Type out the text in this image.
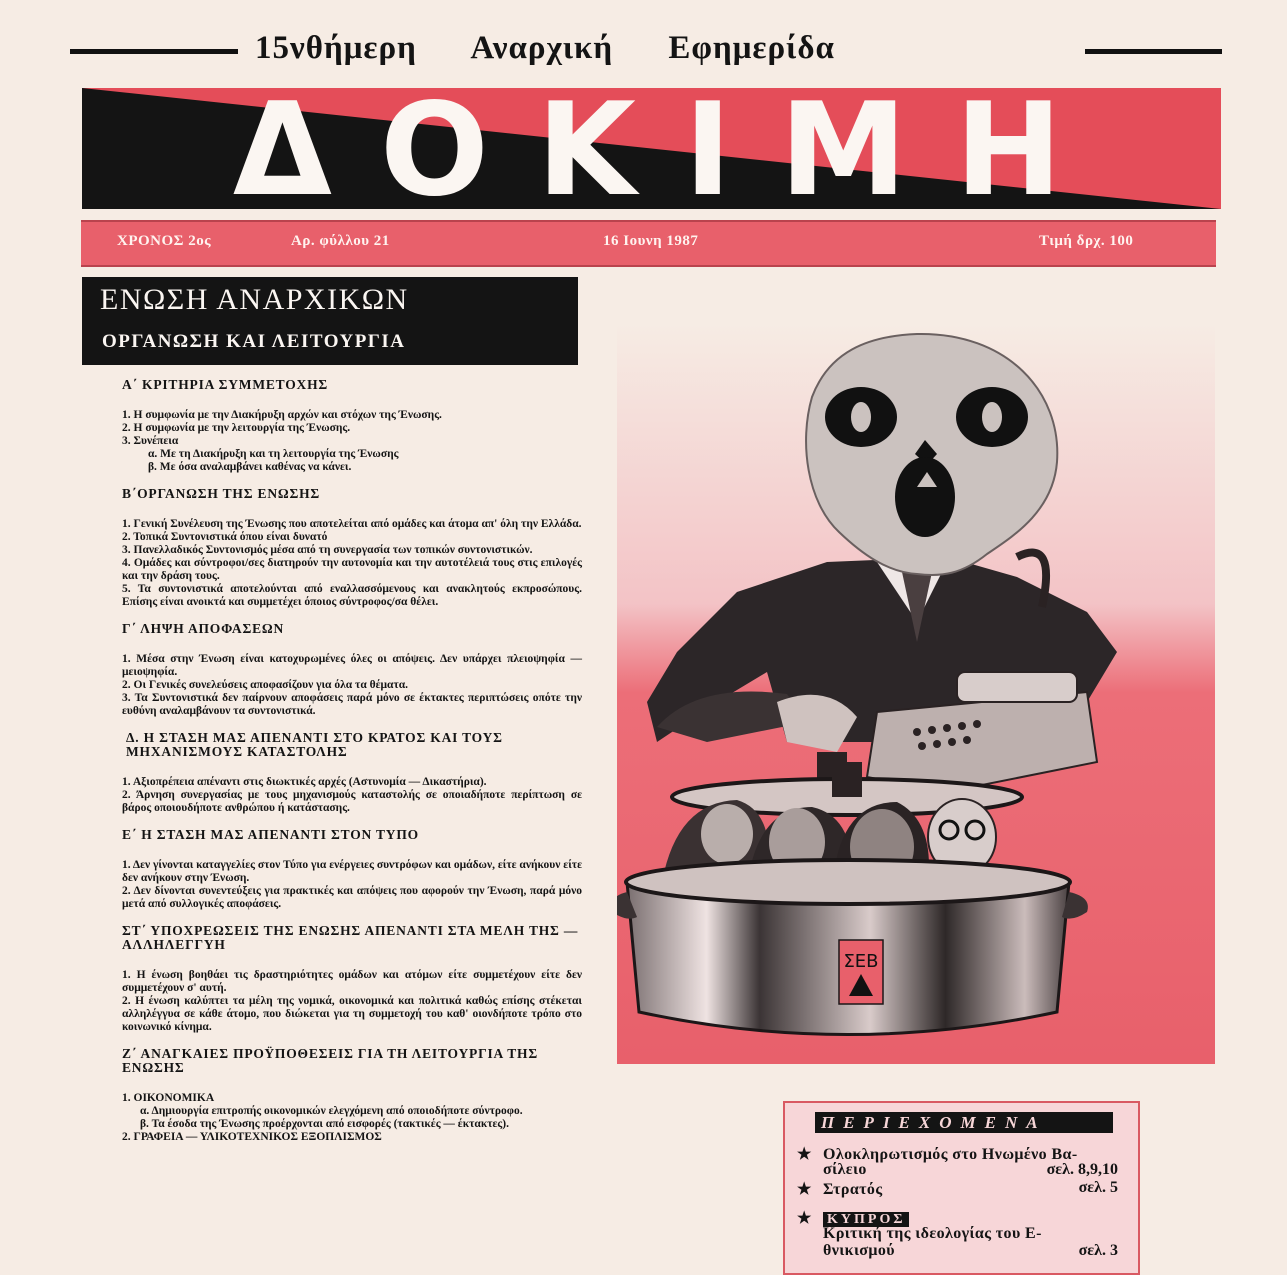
15νθήμερη Αναρχική Εφημερίδα
ΔΟΚΙΜΗ
ΧΡΟΝΟΣ 2ος	Αρ. φύλλου 21	16 Ιουνη 1987	Τιμή δρχ. 100
ΕΝΩΣΗ ΑΝΑΡΧΙΚΩΝ
ΟΡΓΑΝΩΣΗ ΚΑΙ ΛΕΙΤΟΥΡΓΙΑ
Α΄ ΚΡΙΤΗΡΙΑ ΣΥΜΜΕΤΟΧΗΣ

1. Η συμφωνία με την Διακήρυξη αρχών και στόχων της Ένωσης.

2. Η συμφωνία με την λειτουργία της Ένωσης.

3. Συνέπεια

α. Με τη Διακήρυξη και τη λειτουργία της Ένωσης

β. Με όσα αναλαμβάνει καθένας να κάνει.

Β΄ΟΡΓΑΝΩΣΗ ΤΗΣ ΕΝΩΣΗΣ

1. Γενική Συνέλευση της Ένωσης που αποτελείται από ομάδες και άτομα απ' όλη την Ελλάδα.

2. Τοπικά Συντονιστικά όπου είναι δυνατό

3. Πανελλαδικός Συντονισμός μέσα από τη συνεργασία των τοπικών συντονιστικών.

4. Ομάδες και σύντροφοι/σες διατηρούν την αυτονομία και την αυτοτέλειά τους στις επιλογές και την δράση τους.

5. Τα συντονιστικά αποτελούνται από εναλλασσόμενους και ανακλητούς εκπροσώπους. Επίσης είναι ανοικτά και συμμετέχει όποιος σύντροφος/σα θέλει.

Γ΄ ΛΗΨΗ ΑΠΟΦΑΣΕΩΝ

1. Μέσα στην Ένωση είναι κατοχυρωμένες όλες οι απόψεις. Δεν υπάρχει πλειοψηφία — μειοψηφία.

2. Οι Γενικές συνελεύσεις αποφασίζουν για όλα τα θέματα.

3. Τα Συντονιστικά δεν παίρνουν αποφάσεις παρά μόνο σε έκτακτες περιπτώσεις οπότε την ευθύνη αναλαμβάνουν τα συντονιστικά.

Δ. Η ΣΤΑΣΗ ΜΑΣ ΑΠΕΝΑΝΤΙ ΣΤΟ ΚΡΑΤΟΣ ΚΑΙ ΤΟΥΣ ΜΗΧΑΝΙΣΜΟΥΣ ΚΑΤΑΣΤΟΛΗΣ

1. Αξιοπρέπεια απέναντι στις διωκτικές αρχές (Αστυνομία — Δικαστήρια).

2. Άρνηση συνεργασίας με τους μηχανισμούς καταστολής σε οποιαδήποτε περίπτωση σε βάρος οποιουδήποτε ανθρώπου ή κατάστασης.

Ε΄ Η ΣΤΑΣΗ ΜΑΣ ΑΠΕΝΑΝΤΙ ΣΤΟΝ ΤΥΠΟ

1. Δεν γίνονται καταγγελίες στον Τύπο για ενέργειες συντρόφων και ομάδων, είτε ανήκουν είτε δεν ανήκουν στην Ένωση.

2. Δεν δίνονται συνεντεύξεις για πρακτικές και απόψεις που αφορούν την Ένωση, παρά μόνο μετά από συλλογικές αποφάσεις.

ΣΤ΄ ΥΠΟΧΡΕΩΣΕΙΣ ΤΗΣ ΕΝΩΣΗΣ ΑΠΕΝΑΝΤΙ ΣΤΑ ΜΕΛΗ ΤΗΣ — ΑΛΛΗΛΕΓΓΥΗ

1. Η ένωση βοηθάει τις δραστηριότητες ομάδων και ατόμων είτε συμμετέχουν είτε δεν συμμετέχουν σ' αυτή.

2. Η ένωση καλύπτει τα μέλη της νομικά, οικονομικά και πολιτικά καθώς επίσης στέκεται αλληλέγγυα σε κάθε άτομο, που διώκεται για τη συμμετοχή του καθ' οιονδήποτε τρόπο στο κοινωνικό κίνημα.

Ζ΄ ΑΝΑΓΚΑΙΕΣ ΠΡΟΫΠΟΘΕΣΕΙΣ ΓΙΑ ΤΗ ΛΕΙΤΟΥΡΓΙΑ ΤΗΣ ΕΝΩΣΗΣ

1. ΟΙΚΟΝΟΜΙΚΑ

α. Δημιουργία επιτροπής οικονομικών ελεγχόμενη από οποιοδήποτε σύντροφο.

β. Τα έσοδα της Ένωσης προέρχονται από εισφορές (τακτικές — έκτακτες).

2. ΓΡΑΦΕΙΑ — ΥΛΙΚΟΤΕΧΝΙΚΟΣ ΕΞΟΠΛΙΣΜΟΣ

ΣΕΒ
ΠΕΡΙΕΧΟΜΕΝΑ
★ Ολοκληρωτισμός στο Ηνωμένο Βα-
σίλειο	σελ. 8,9,10
★ Στρατός	σελ. 5
★ ΚΥΠΡΟΣ
Κριτική της ιδεολογίας του Ε-
θνικισμού	σελ. 3
